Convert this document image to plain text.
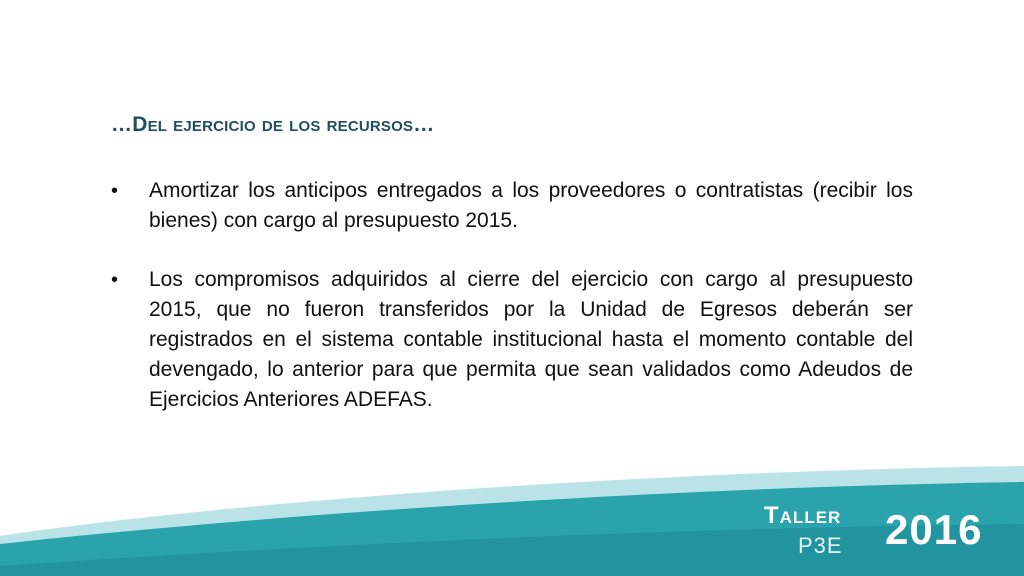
…Del ejercicio de los recursos…
•	Amortizar los anticipos entregados a los proveedores o contratistas (recibir los bienes) con cargo al presupuesto 2015.
•	Los compromisos adquiridos al cierre del ejercicio con cargo al presupuesto 2015, que no fueron transferidos por la Unidad de Egresos deberán ser registrados en el sistema contable institucional hasta el momento contable del devengado, lo anterior para que permita que sean validados como Adeudos de Ejercicios Anteriores ADEFAS.
Taller
P3E 2016
